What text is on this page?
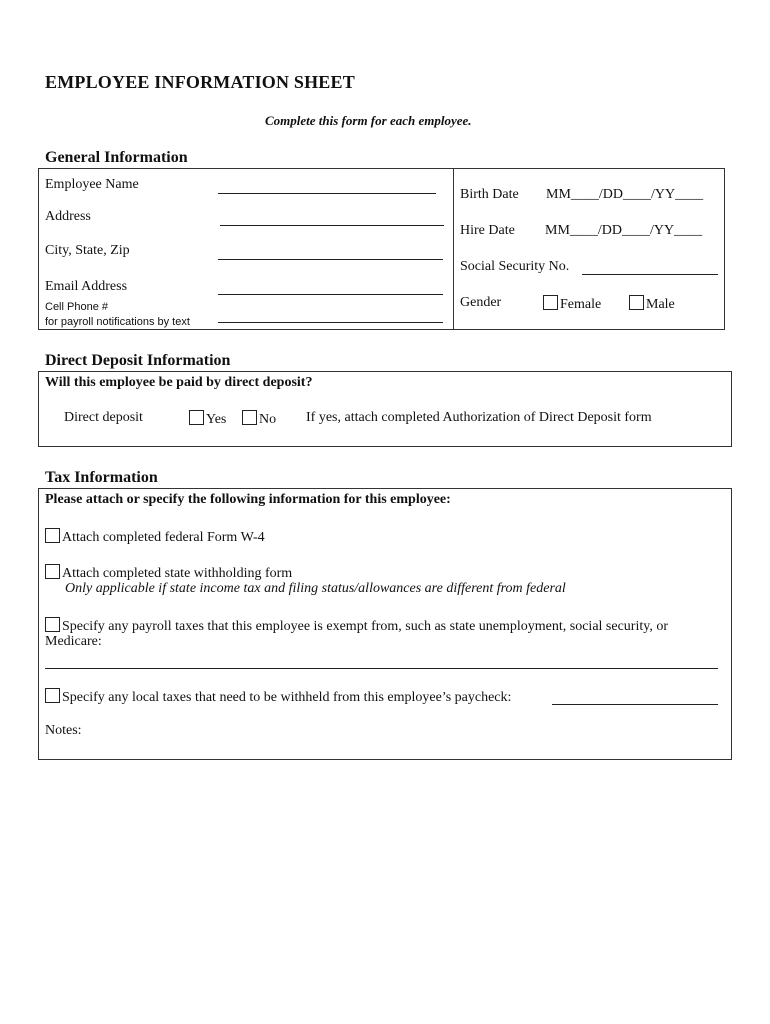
EMPLOYEE INFORMATION SHEET
Complete this form for each employee.
General Information
Employee Name
Address
City, State, Zip
Email Address
Cell Phone #
for payroll notifications by text
Birth Date MM____/DD____/YY____
Hire Date MM____/DD____/YY____
Social Security No.
Gender	Female	Male
Direct Deposit Information
Will this employee be paid by direct deposit?
Direct deposit	Yes	No If yes, attach completed Authorization of Direct Deposit form
Tax Information
Please attach or specify the following information for this employee:
Attach completed federal Form W-4
Attach completed state withholding form
Only applicable if state income tax and filing status/allowances are different from federal
Specify any payroll taxes that this employee is exempt from, such as state unemployment, social security, or
Medicare:
Specify any local taxes that need to be withheld from this employee’s paycheck:
Notes:
